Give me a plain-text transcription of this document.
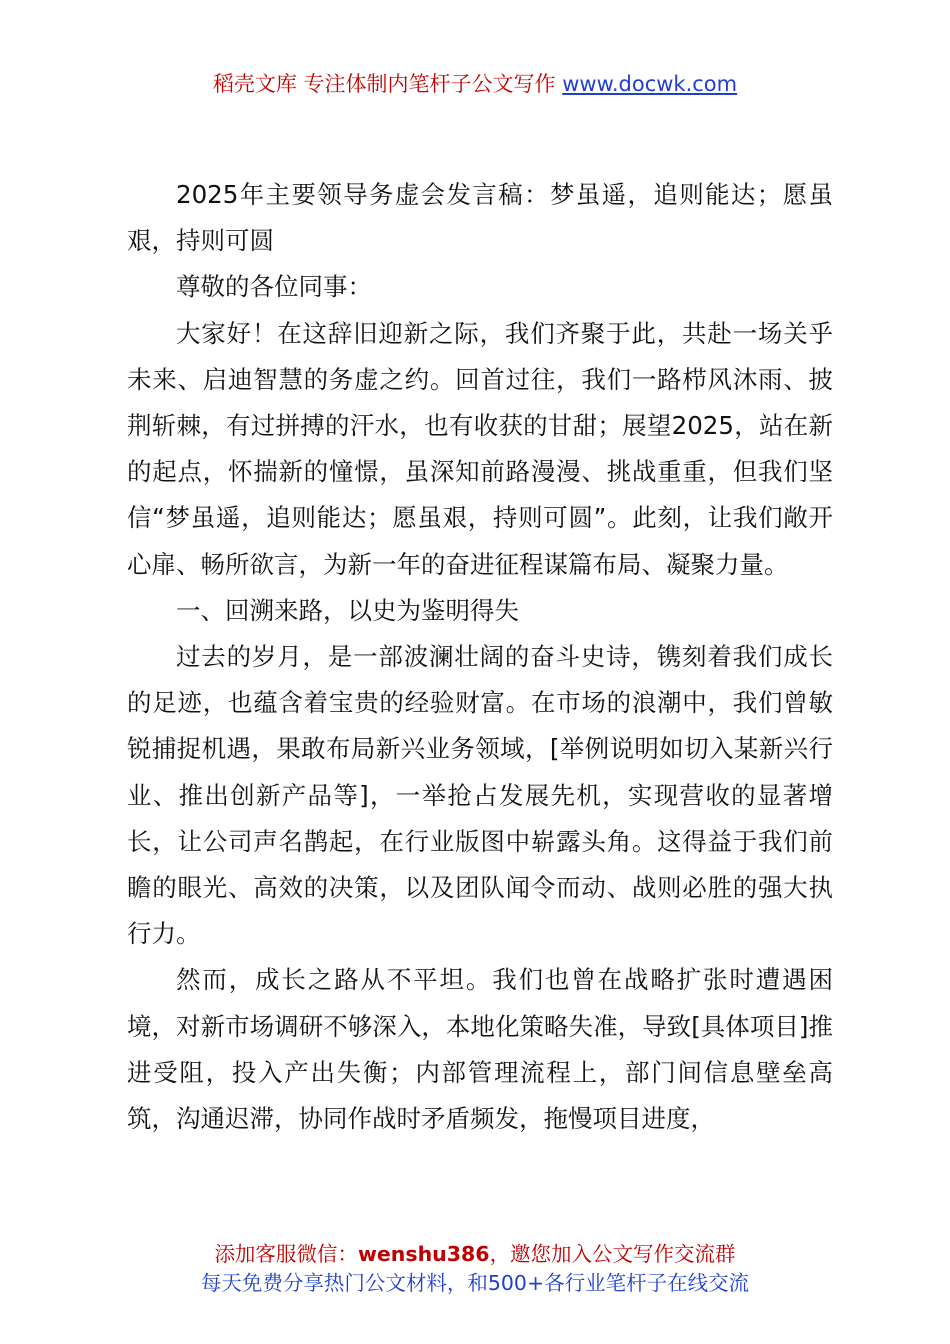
稻壳文库 专注体制内笔杆子公文写作 www.docwk.com

2025年主要领导务虚会发言稿：梦虽遥，追则能达；愿虽艰，持则可圆

尊敬的各位同事：

大家好！在这辞旧迎新之际，我们齐聚于此，共赴一场关乎未来、启迪智慧的务虚之约。回首过往，我们一路栉风沐雨、披荆斩棘，有过拼搏的汗水，也有收获的甘甜；展望2025，站在新的起点，怀揣新的憧憬，虽深知前路漫漫、挑战重重，但我们坚信“梦虽遥，追则能达；愿虽艰，持则可圆”。此刻，让我们敞开心扉、畅所欲言，为新一年的奋进征程谋篇布局、凝聚力量。

一、回溯来路，以史为鉴明得失

过去的岁月，是一部波澜壮阔的奋斗史诗，镌刻着我们成长的足迹，也蕴含着宝贵的经验财富。在市场的浪潮中，我们曾敏锐捕捉机遇，果敢布局新兴业务领域，[举例说明如切入某新兴行业、推出创新产品等]，一举抢占发展先机，实现营收的显著增长，让公司声名鹊起，在行业版图中崭露头角。这得益于我们前瞻的眼光、高效的决策，以及团队闻令而动、战则必胜的强大执行力。

然而，成长之路从不平坦。我们也曾在战略扩张时遭遇困境，对新市场调研不够深入，本地化策略失准，导致[具体项目]推进受阻，投入产出失衡；内部管理流程上，部门间信息壁垒高筑，沟通迟滞，协同作战时矛盾频发，拖慢项目进度，

添加客服微信：wenshu386，邀您加入公文写作交流群
每天免费分享热门公文材料，和500+各行业笔杆子在线交流
